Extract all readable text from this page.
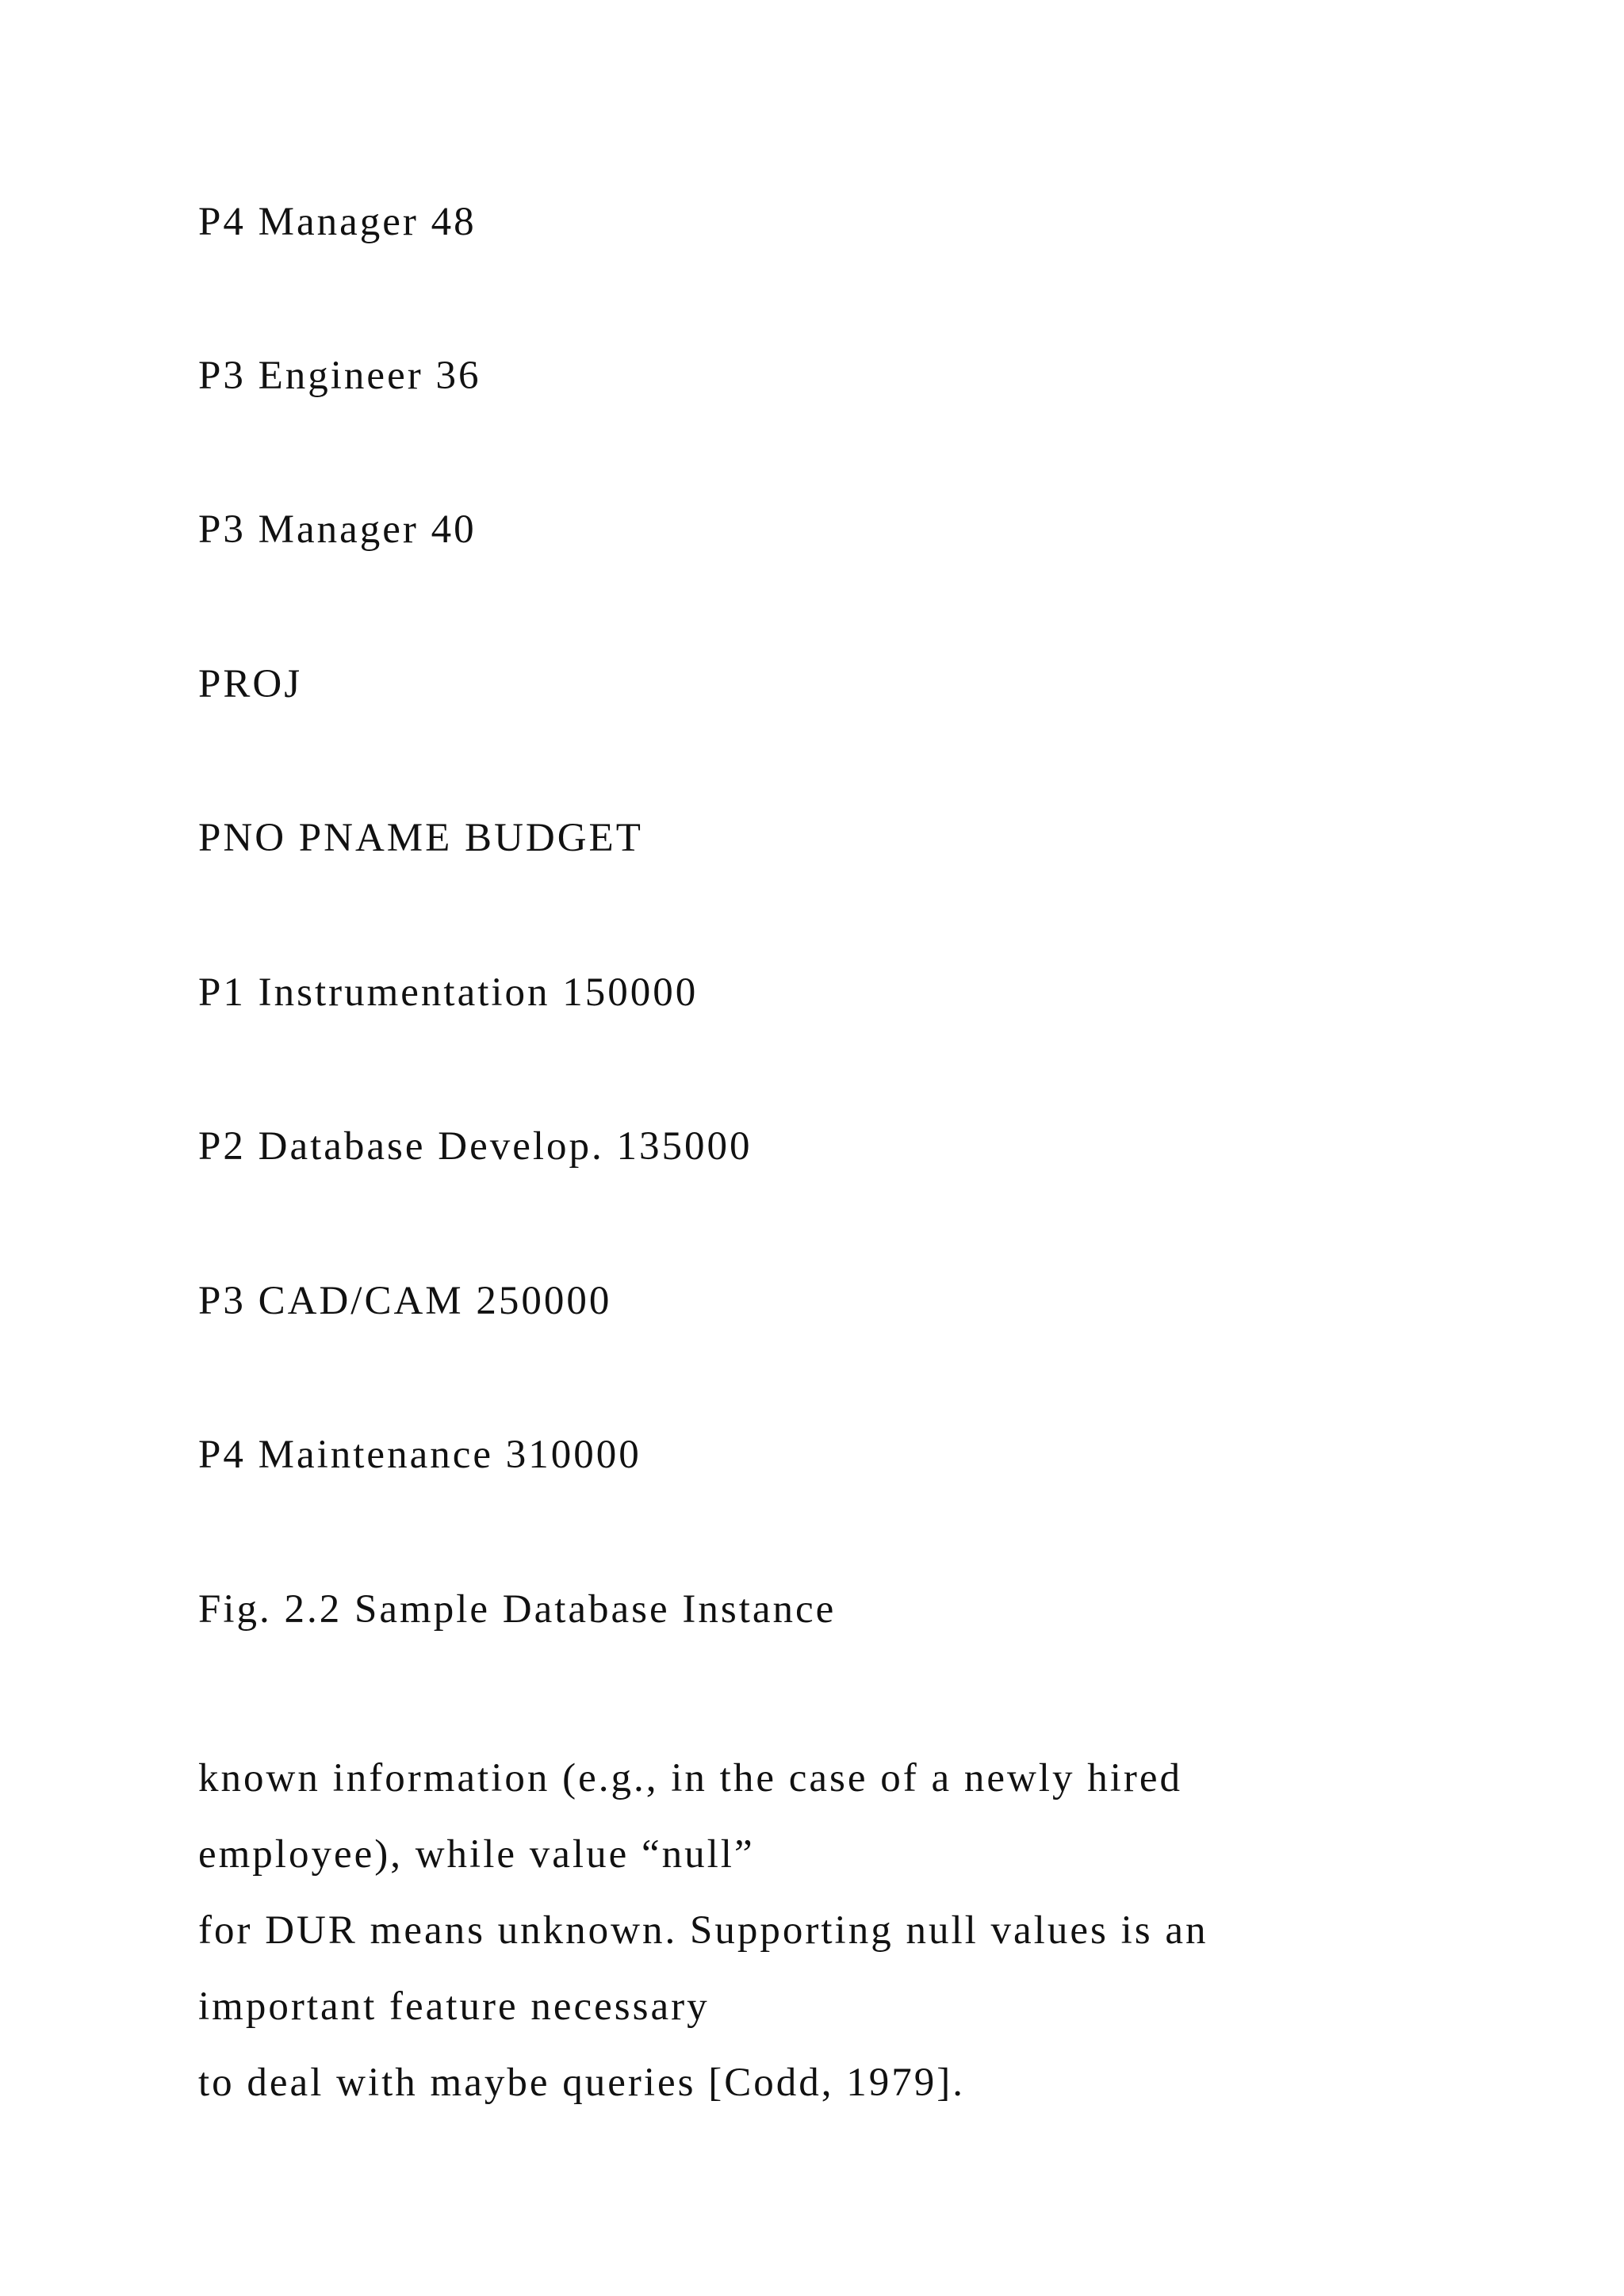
P4 Manager 48

P3 Engineer 36

P3 Manager 40

PROJ

PNO PNAME BUDGET

P1 Instrumentation 150000

P2 Database Develop. 135000

P3 CAD/CAM 250000

P4 Maintenance 310000

Fig. 2.2 Sample Database Instance

known information (e.g., in the case of a newly hired
employee), while value “null”
for DUR means unknown. Supporting null values is an
important feature necessary
to deal with maybe queries [Codd, 1979].
